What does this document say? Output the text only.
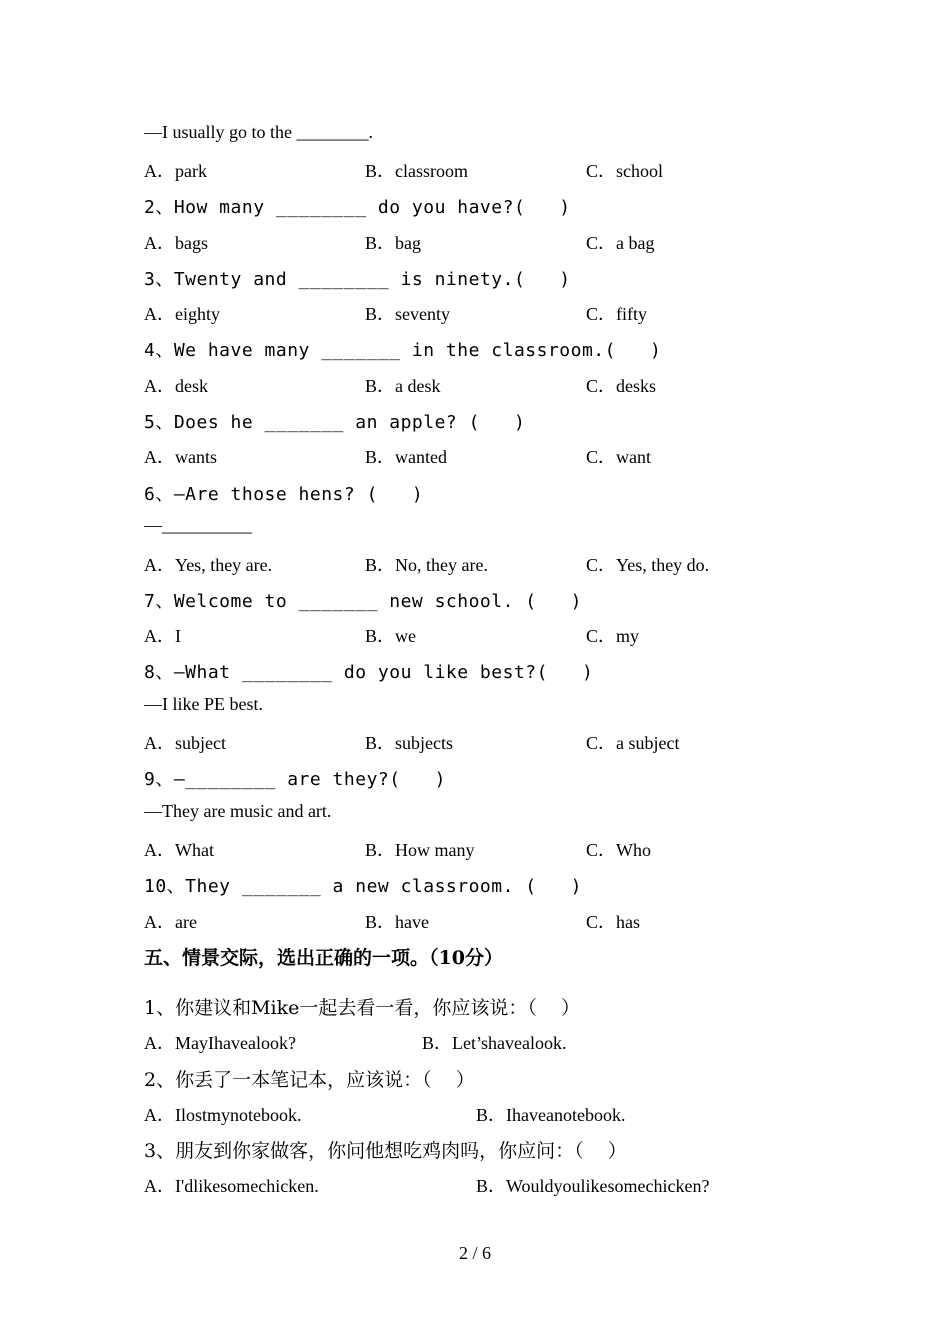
—I usually go to the ________.
A．park	B．classroom	C．school
2、How many ________ do you have?(   )
A．bags	B．bag	C．a bag
3、Twenty and ________ is ninety.(   )
A．eighty	B．seventy	C．fifty
4、We have many _______ in the classroom.(   )
A．desk	B．a desk	C．desks
5、Does he _______ an apple? (   )
A．wants	B．wanted	C．want
6、—Are those hens? (   )
—__________
A．Yes, they are.	B．No, they are.	C．Yes, they do.
7、Welcome to _______ new school. (   )
A．I	B．we	C．my
8、—What ________ do you like best?(   )
—I like PE best.
A．subject	B．subjects	C．a subject
9、—________ are they?(   )
—They are music and art.
A．What	B．How many	C．Who
10、They _______ a new classroom. (   )
A．are	B．have	C．has
五、情景交际，选出正确的一项。（10分）
1、你建议和Mike一起去看一看，你应该说：（    ）
A．MayIhavealook?	B．Let’shavealook.
2、你丢了一本笔记本，应该说：（    ）
A．Ilostmynotebook.	B．Ihaveanotebook.
3、朋友到你家做客，你问他想吃鸡肉吗，你应问：（    ）
A．I'dlikesomechicken.	B．Wouldyoulikesomechicken?
2 / 6
